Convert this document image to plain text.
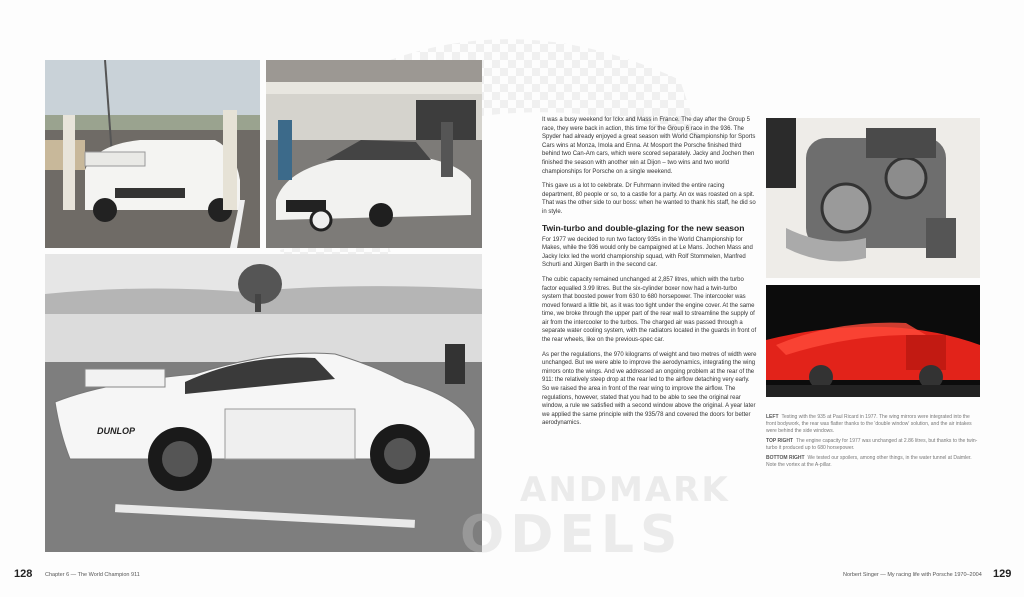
DUNLOP

It was a busy weekend for Ickx and Mass in France. The day after the Group 5 race, they were back in action, this time for the Group 6 race in the 936. The Spyder had already enjoyed a great season with World Championship for Sports Cars wins at Monza, Imola and Enna. At Mosport the Porsche finished third behind two Can-Am cars, which were scored separately. Jacky and Jochen then finished the season with another win at Dijon – two wins and two world championships for Porsche on a single weekend.

This gave us a lot to celebrate. Dr Fuhrmann invited the entire racing department, 80 people or so, to a castle for a party. An ox was roasted on a spit. That was the other side to our boss: when he wanted to thank his staff, he did so in style.

Twin-turbo and double-glazing for the new season

For 1977 we decided to run two factory 935s in the World Championship for Makes, while the 936 would only be campaigned at Le Mans. Jochen Mass and Jacky Ickx led the world championship squad, with Rolf Stommelen, Manfred Schurti and Jürgen Barth in the second car.

The cubic capacity remained unchanged at 2,857 litres, which with the turbo factor equalled 3.99 litres. But the six-cylinder boxer now had a twin-turbo system that boosted power from 630 to 680 horsepower. The intercooler was moved forward a little bit, as it was too tight under the engine cover. At the same time, we broke through the upper part of the rear wall to streamline the supply of air from the intercooler to the turbos. The charged air was passed through a separate water cooling system, with the radiators located in the guards in front of the rear wheels, like on the previous-spec car.

As per the regulations, the 970 kilograms of weight and two metres of width were unchanged. But we were able to improve the aerodynamics, integrating the wing mirrors onto the wings. And we addressed an ongoing problem at the rear of the 911: the relatively steep drop at the rear led to the airflow detaching very early. So we raised the area in front of the rear wing to improve the airflow. The regulations, however, stated that you had to be able to see the original rear window, a rule we satisfied with a second window above the original. A year later we applied the same principle with the 935/78 and covered the doors for better aerodynamics.

LEFT Testing with the 935 at Paul Ricard in 1977. The wing mirrors were integrated into the front bodywork, the rear was flatter thanks to the 'double window' solution, and the air intakes were behind the side windows.

TOP RIGHT The engine capacity for 1977 was unchanged at 2.86 litres, but thanks to the twin-turbo it produced up to 680 horsepower.

BOTTOM RIGHT We tested our spoilers, among other things, in the water tunnel at Daimler. Note the vortex at the A-pillar.

ANDMARK
ODELS
128 Chapter 6 — The World Champion 911	Norbert Singer — My racing life with Porsche 1970–2004 129
